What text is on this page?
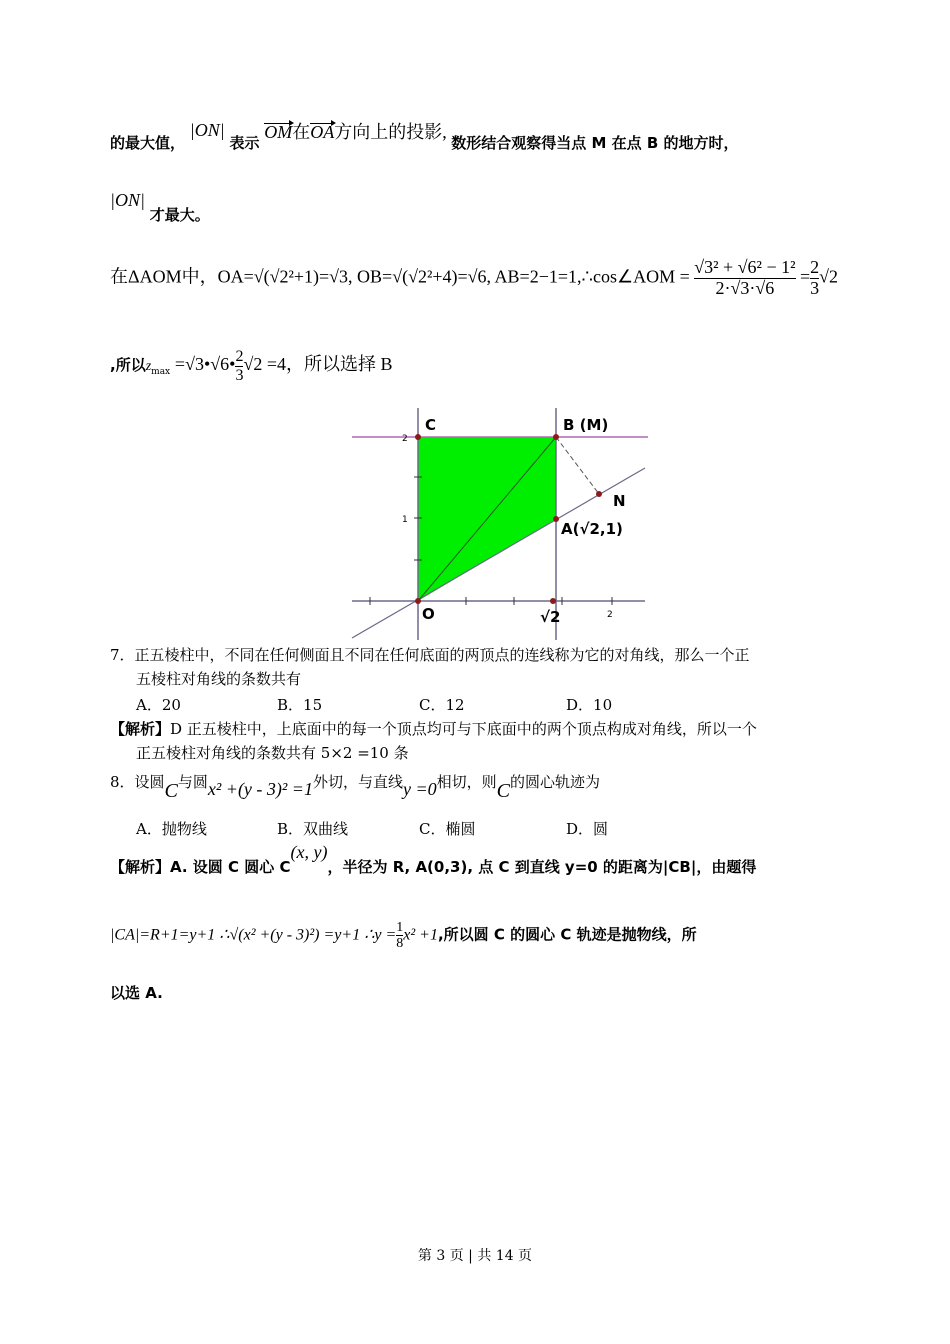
的最大值， |ON| 表示 OM在OA方向上的投影, 数形结合观察得当点 M 在点 B 的地方时，
|ON| 才最大。
在ΔAOM中，OA=√(√2²+1)=√3, OB=√(√2²+4)=√6, AB=2−1=1,∴cos∠AOM = $\frac{\text{√3² + √6² − 1²}}{2\cdot√3\cdot√6} = \frac{2}{3} √2$
,所以$z_{max}$ =√3•√6• $\frac{2}{3} √2 =4$，所以选择 B
C	B (M)
N
A(√2,1)
O	√2	2
1
2
7．正五棱柱中，不同在任何侧面且不同在任何底面的两顶点的连线称为它的对角线，那么一个正
五棱柱对角线的条数共有
A．20	B．15	C．12	D．10
【解析】D 正五棱柱中，上底面中的每一个顶点均可与下底面中的两个顶点构成对角线，所以一个
正五棱柱对角线的条数共有 5×2 =10 条
8．设圆C与圆x² +(y - 3)² =1外切，与直线y =0相切，则C的圆心轨迹为
A．抛物线	B．双曲线	C．椭圆	D．圆
【解析】A. 设圆 C 圆心 C(x, y)，半径为 R, A(0,3), 点 C 到直线 y=0 的距离为|CB|，由题得
|CA|=R+1=y+1 ∴√(x² +(y - 3)²) =y+1 ∴y = $\frac{1}{8} x^2 +1$,所以圆 C 的圆心 C 轨迹是抛物线，所
以选 A.
第 3 页 | 共 14 页
